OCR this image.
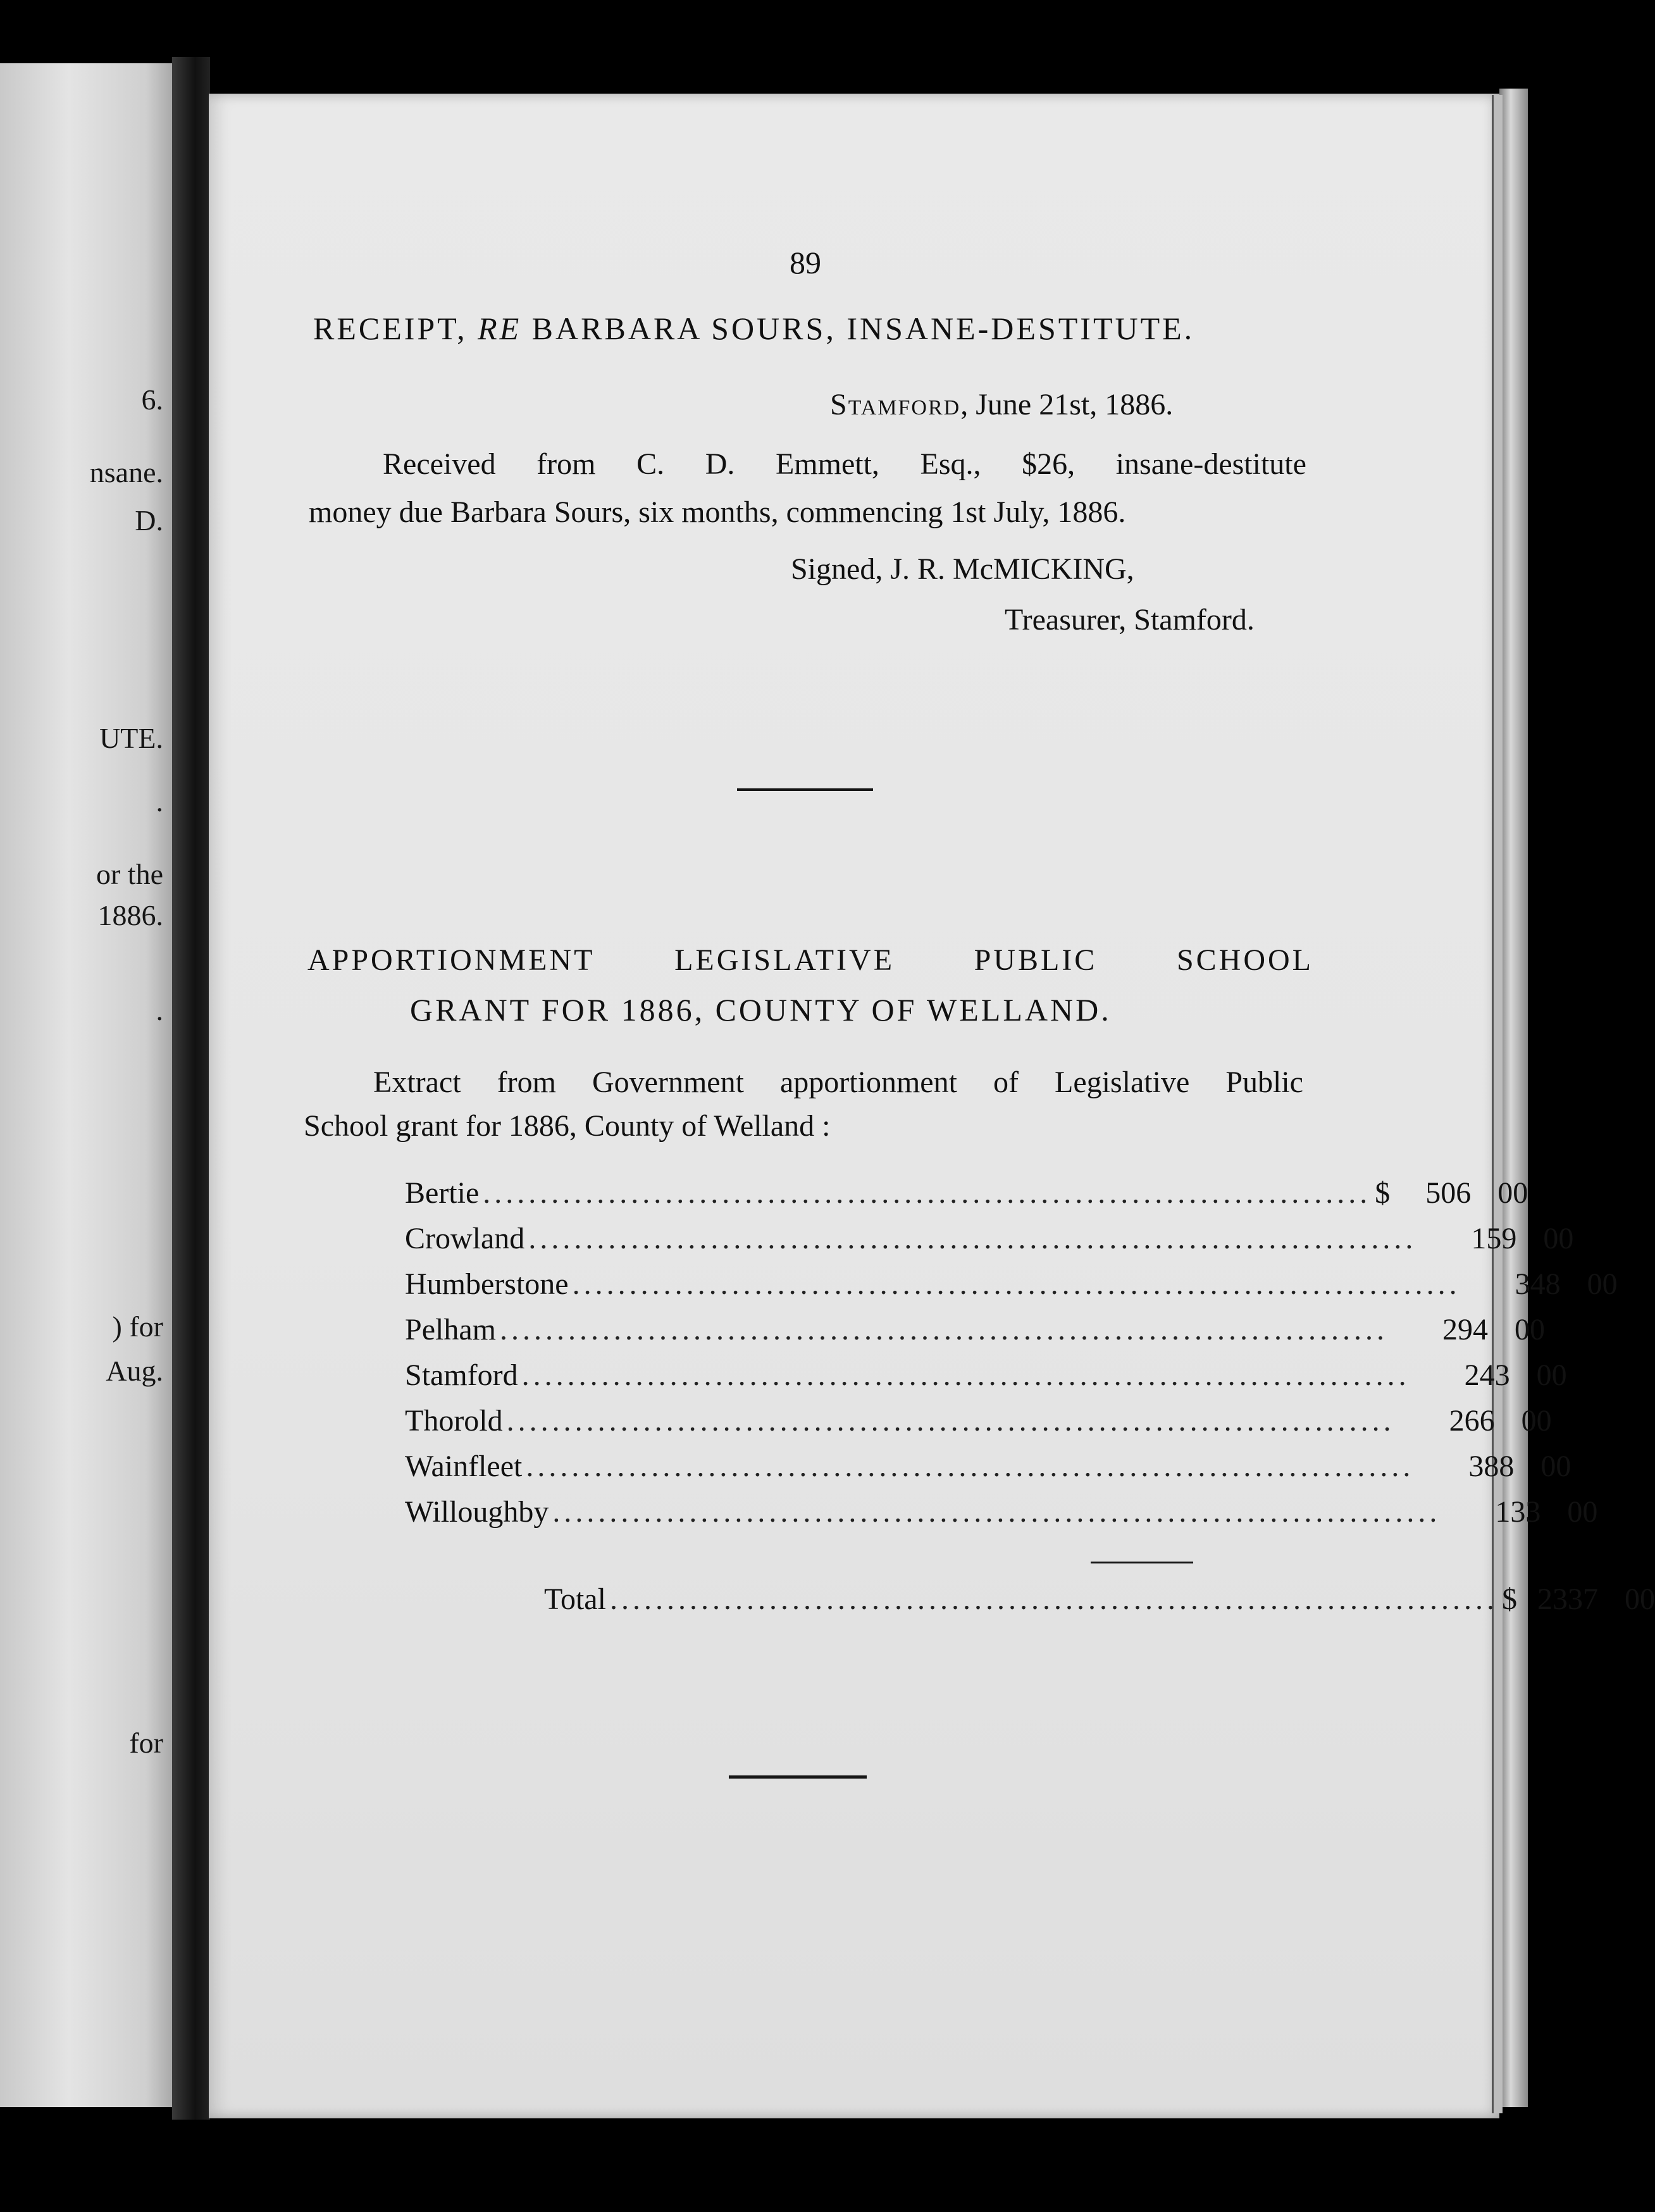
6.
nsane.
D.
UTE.
.
or the
1886.
.
) for
Aug.
for
89
RECEIPT, RE BARBARA SOURS, INSANE-DESTITUTE.
Stamford, June 21st, 1886.
Received from C. D. Emmett, Esq., $26, insane-destitute
money due Barbara Sours, six months, commencing 1st July, 1886.
Signed, J. R. McMICKING,
Treasurer, Stamford.
APPORTIONMENT	LEGISLATIVE	PUBLIC	SCHOOL
GRANT FOR 1886, COUNTY OF WELLAND.
Extract from Government apportionment of Legislative Public
School grant for 1886, County of Welland :
Bertie .............................................................................. $	506 00
Crowland ..............................................................................	159 00
Humberstone ..............................................................................	348 00
Pelham ..............................................................................	294 00
Stamford ..............................................................................	243 00
Thorold ..............................................................................	266 00
Wainfleet ..............................................................................	388 00
Willoughby ..............................................................................	133 00
Total .............................................................................. $ 2337 00
